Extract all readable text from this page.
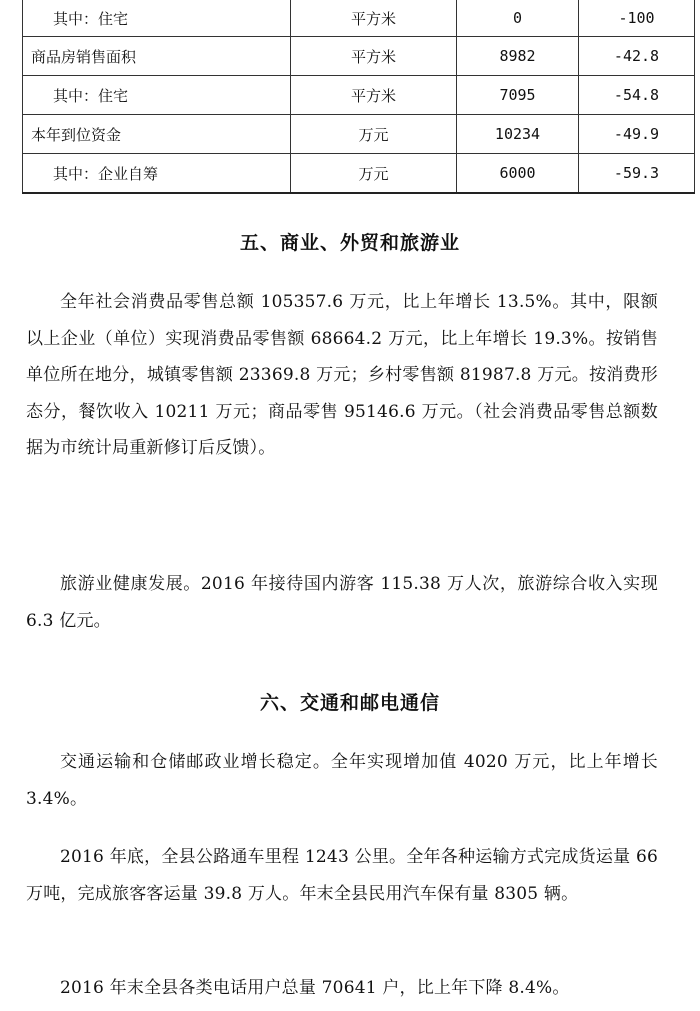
其中：住宅	平方米	0	-100
商品房销售面积	平方米	8982	-42.8
其中：住宅	平方米	7095	-54.8
本年到位资金	万元	10234	-49.9
其中：企业自筹	万元	6000	-59.3
五、商业、外贸和旅游业

全年社会消费品零售总额 105357.6 万元，比上年增长 13.5%。其中，限额以上企业（单位）实现消费品零售额 68664.2 万元，比上年增长 19.3%。按销售单位所在地分，城镇零售额 23369.8 万元；乡村零售额 81987.8 万元。按消费形态分，餐饮收入 10211 万元；商品零售 95146.6 万元。（社会消费品零售总额数据为市统计局重新修订后反馈）。

旅游业健康发展。2016 年接待国内游客 115.38 万人次，旅游综合收入实现 6.3 亿元。

六、交通和邮电通信

交通运输和仓储邮政业增长稳定。全年实现增加值 4020 万元，比上年增长 3.4%。

2016 年底，全县公路通车里程 1243 公里。全年各种运输方式完成货运量 66 万吨，完成旅客客运量 39.8 万人。年末全县民用汽车保有量 8305 辆。

2016 年末全县各类电话用户总量 70641 户，比上年下降 8.4%。
